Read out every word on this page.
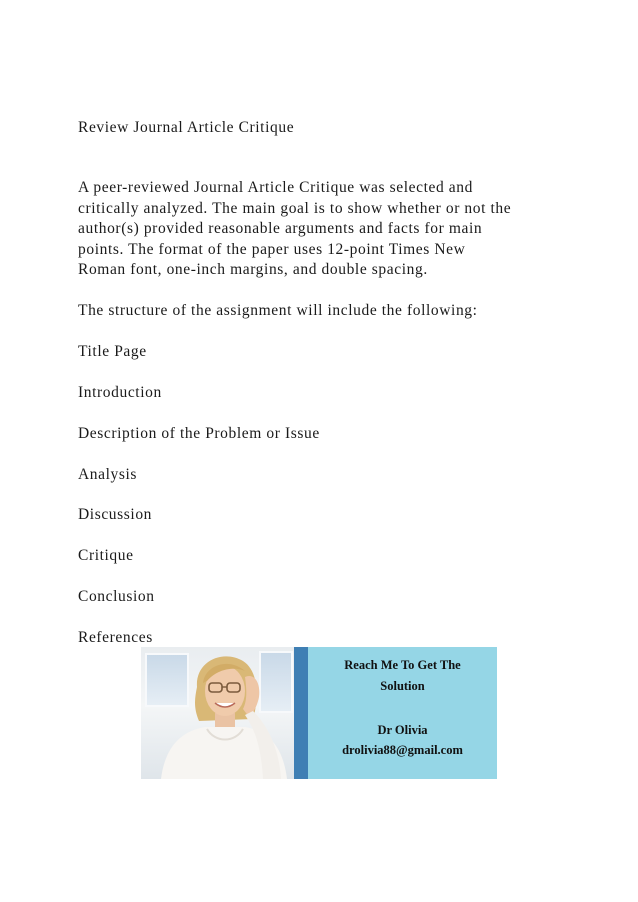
Review Journal Article Critique
A peer-reviewed Journal Article Critique was selected and
critically analyzed. The main goal is to show whether or not the
author(s) provided reasonable arguments and facts for main
points. The format of the paper uses 12-point Times New
Roman font, one-inch margins, and double spacing.
The structure of the assignment will include the following:
Title Page
Introduction
Description of the Problem or Issue
Analysis
Discussion
Critique
Conclusion
References
Reach Me To Get The
Solution
Dr Olivia
drolivia88@gmail.com
